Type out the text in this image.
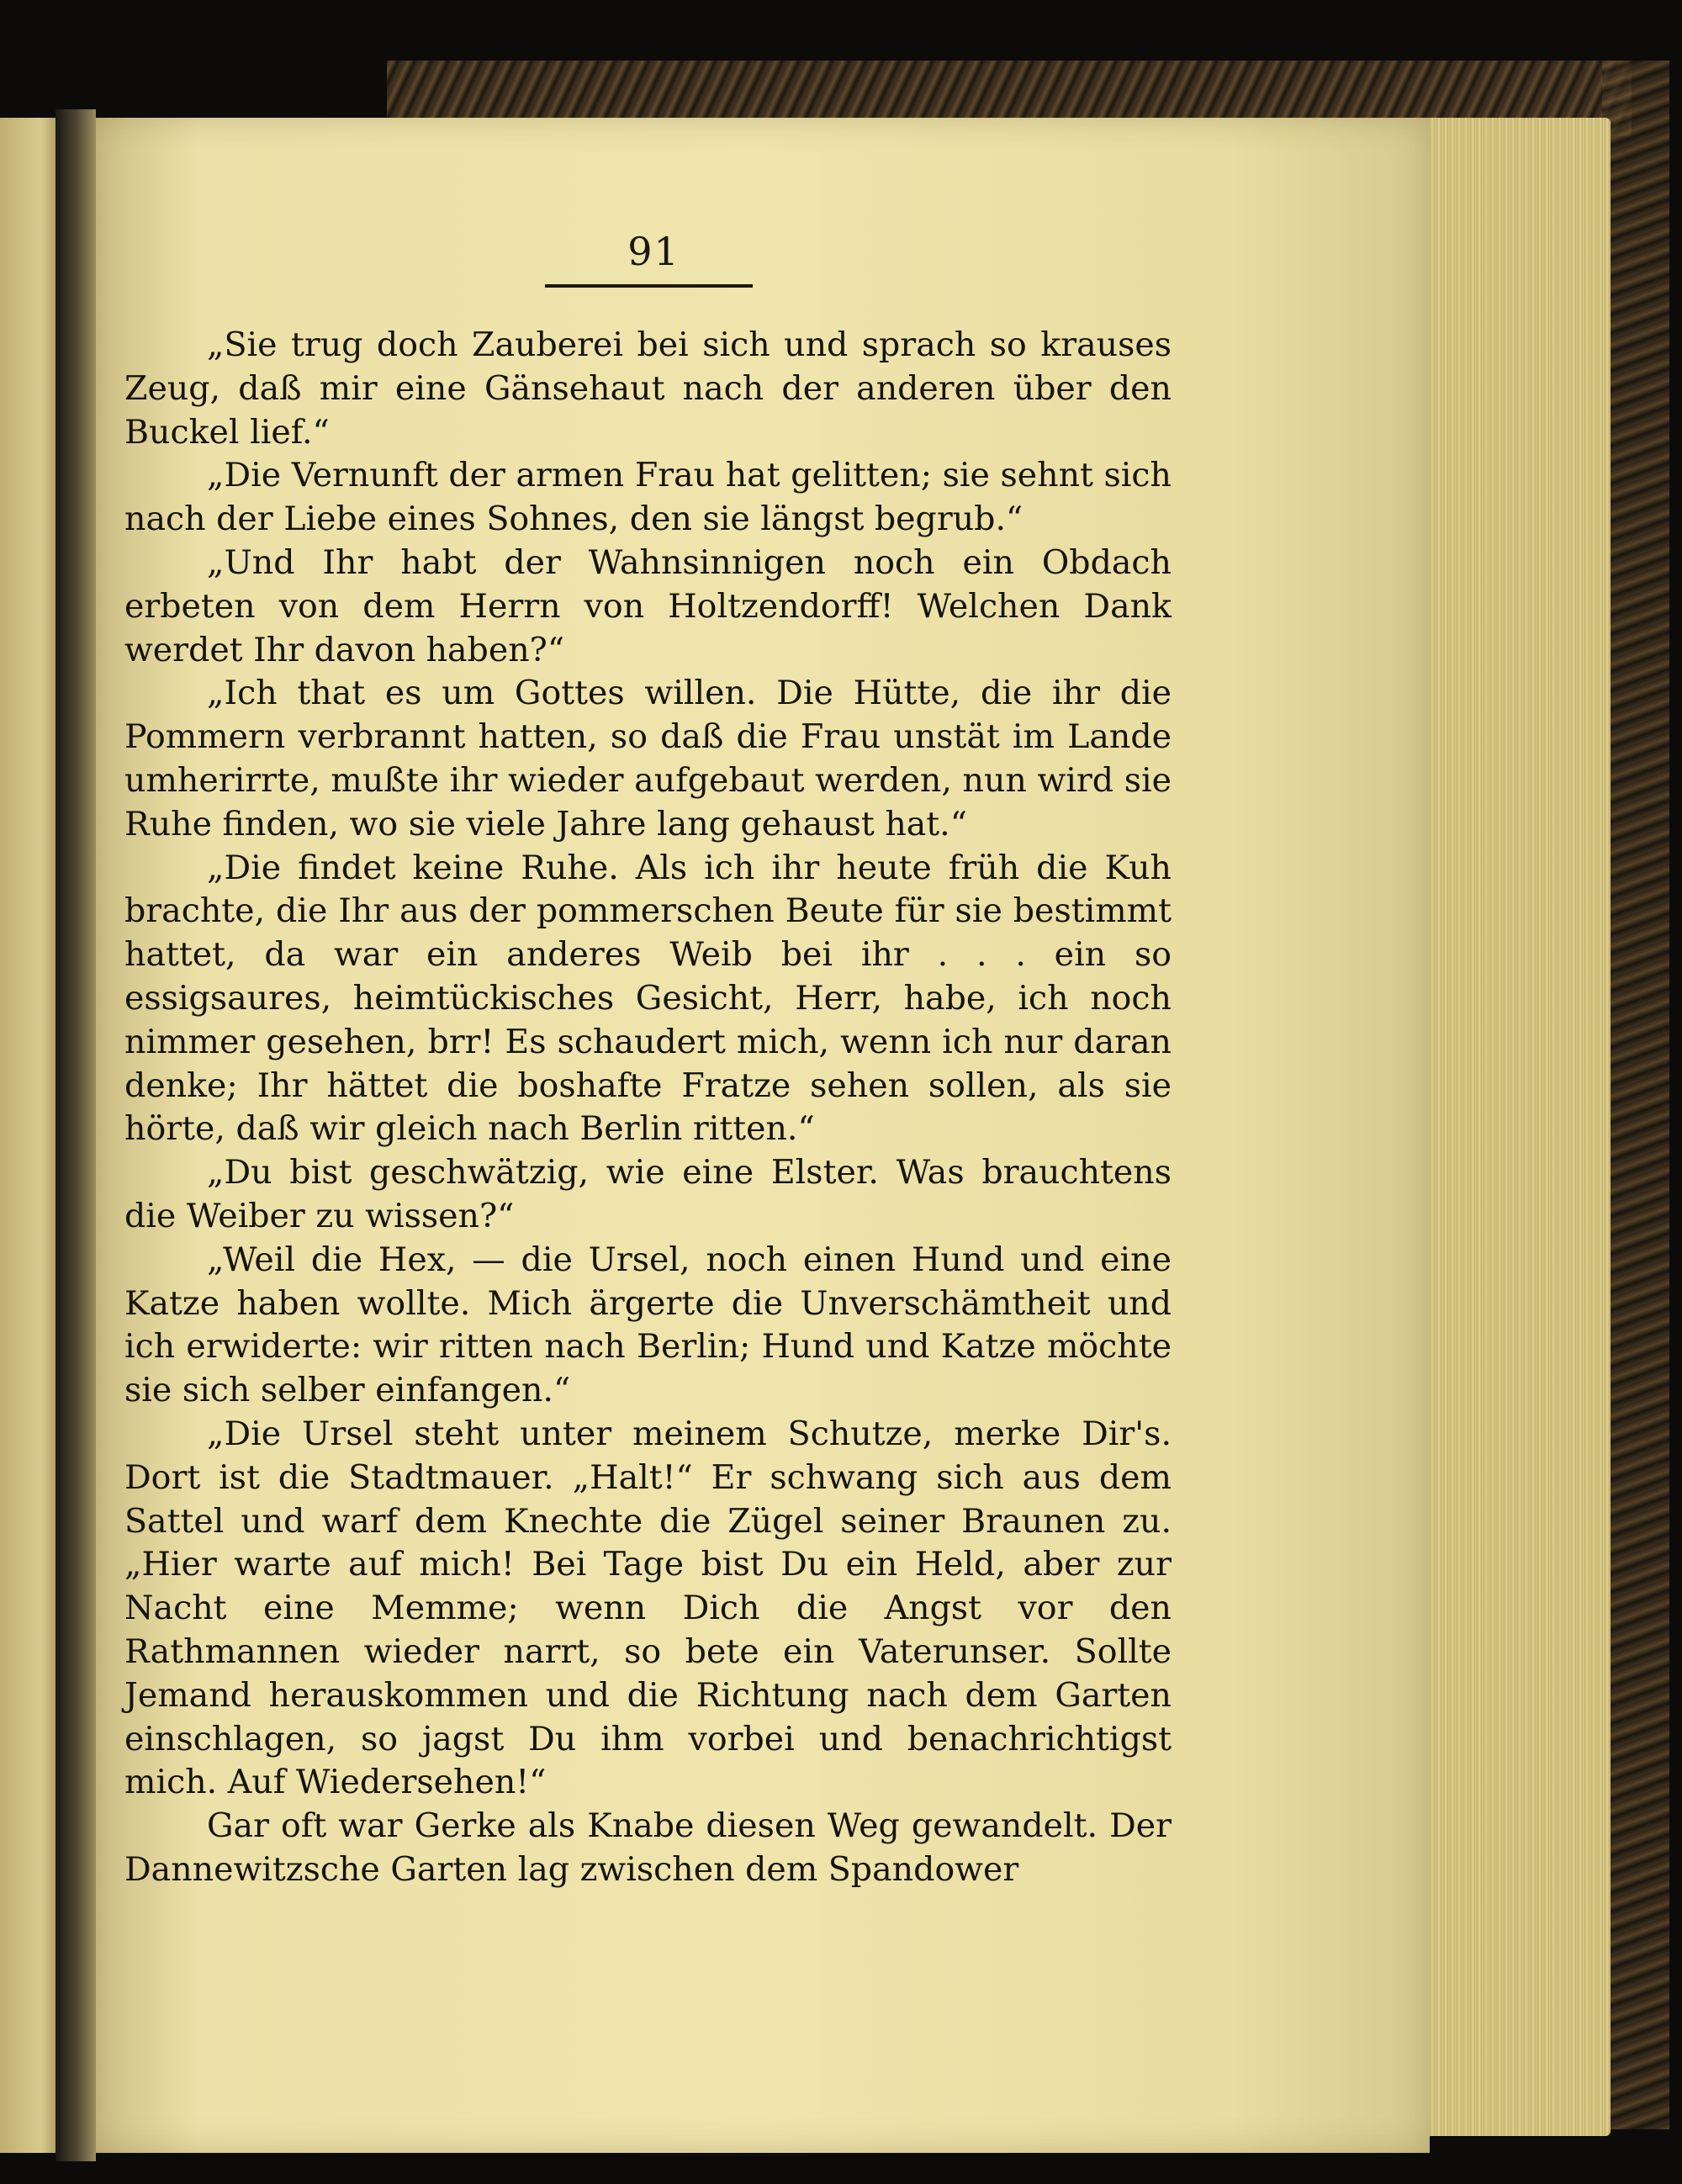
91

„Sie trug doch Zauberei bei sich und sprach so krauses Zeug, daß mir eine Gänsehaut nach der anderen über den Buckel lief.“

„Die Vernunft der armen Frau hat gelitten; sie sehnt sich nach der Liebe eines Sohnes, den sie längst begrub.“

„Und Ihr habt der Wahnsinnigen noch ein Obdach erbeten von dem Herrn von Holtzendorff! Welchen Dank werdet Ihr davon haben?“

„Ich that es um Gottes willen. Die Hütte, die ihr die Pommern verbrannt hatten, so daß die Frau unstät im Lande umherirrte, mußte ihr wieder aufgebaut werden, nun wird sie Ruhe finden, wo sie viele Jahre lang gehaust hat.“

„Die findet keine Ruhe. Als ich ihr heute früh die Kuh brachte, die Ihr aus der pommerschen Beute für sie bestimmt hattet, da war ein anderes Weib bei ihr . . . ein so essigsaures, heimtückisches Gesicht, Herr, habe, ich noch nimmer gesehen, brr! Es schaudert mich, wenn ich nur daran denke; Ihr hättet die boshafte Fratze sehen sollen, als sie hörte, daß wir gleich nach Berlin ritten.“

„Du bist geschwätzig, wie eine Elster. Was brauchtens die Weiber zu wissen?“

„Weil die Hex, — die Ursel, noch einen Hund und eine Katze haben wollte. Mich ärgerte die Unverschämtheit und ich erwiderte: wir ritten nach Berlin; Hund und Katze möchte sie sich selber einfangen.“

„Die Ursel steht unter meinem Schutze, merke Dir's. Dort ist die Stadtmauer. „Halt!“ Er schwang sich aus dem Sattel und warf dem Knechte die Zügel seiner Braunen zu. „Hier warte auf mich! Bei Tage bist Du ein Held, aber zur Nacht eine Memme; wenn Dich die Angst vor den Rathmannen wieder narrt, so bete ein Vaterunser. Sollte Jemand herauskommen und die Richtung nach dem Garten einschlagen, so jagst Du ihm vorbei und benachrichtigst mich. Auf Wiedersehen!“

Gar oft war Gerke als Knabe diesen Weg gewandelt. Der Dannewitzsche Garten lag zwischen dem Spandower
